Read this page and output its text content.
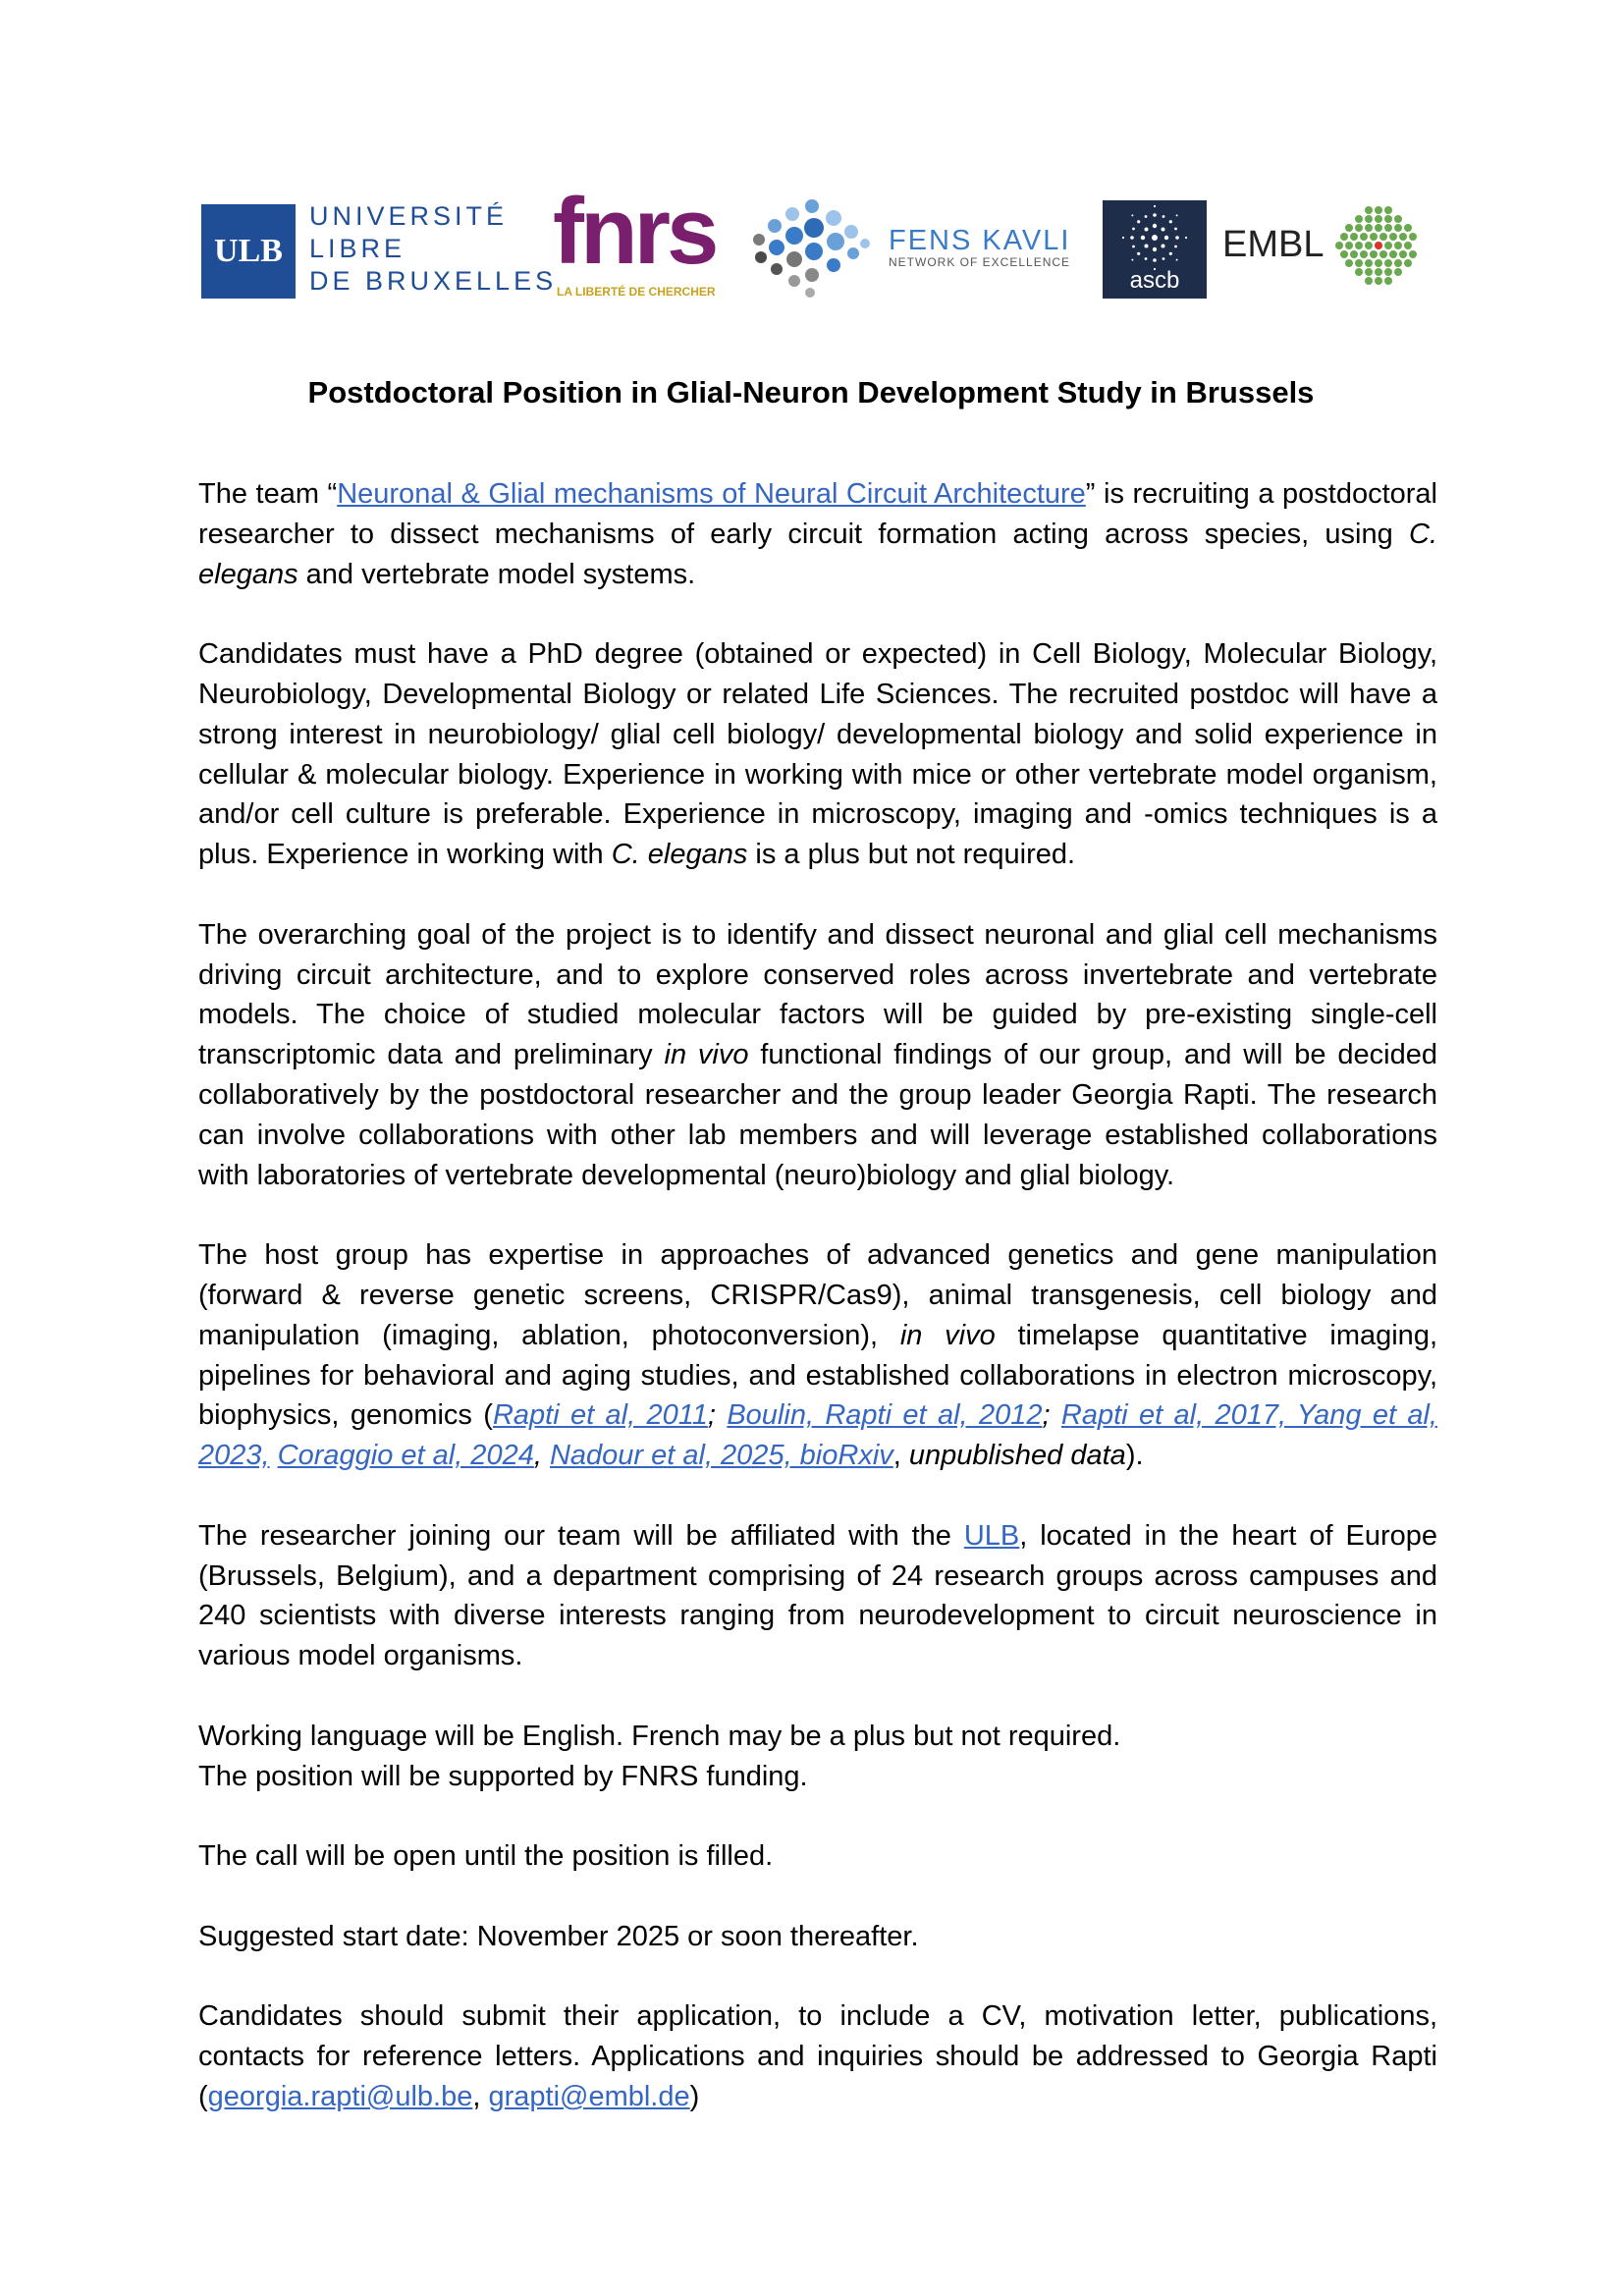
ULB
UNIVERSITÉ
LIBRE
DE BRUXELLES
fnrs
LA LIBERTÉ DE CHERCHER
FENS KAVLI
NETWORK OF EXCELLENCE
ascb
EMBL
Postdoctoral Position in Glial-Neuron Development Study in Brussels

The team “Neuronal & Glial mechanisms of Neural Circuit Architecture” is recruiting a postdoctoral researcher to dissect mechanisms of early circuit formation acting across species, using C. elegans and vertebrate model systems.

Candidates must have a PhD degree (obtained or expected) in Cell Biology, Molecular Biology, Neurobiology, Developmental Biology or related Life Sciences. The recruited postdoc will have a strong interest in neurobiology/ glial cell biology/ developmental biology and solid experience in cellular & molecular biology. Experience in working with mice or other vertebrate model organism, and/or cell culture is preferable. Experience in microscopy, imaging and -omics techniques is a plus. Experience in working with C. elegans is a plus but not required.

The overarching goal of the project is to identify and dissect neuronal and glial cell mechanisms driving circuit architecture, and to explore conserved roles across invertebrate and vertebrate models. The choice of studied molecular factors will be guided by pre-existing single-cell transcriptomic data and preliminary in vivo functional findings of our group, and will be decided collaboratively by the postdoctoral researcher and the group leader Georgia Rapti. The research can involve collaborations with other lab members and will leverage established collaborations with laboratories of vertebrate developmental (neuro)biology and glial biology.

The host group has expertise in approaches of advanced genetics and gene manipulation (forward & reverse genetic screens, CRISPR/Cas9), animal transgenesis, cell biology and manipulation (imaging, ablation, photoconversion), in vivo timelapse quantitative imaging, pipelines for behavioral and aging studies, and established collaborations in electron microscopy, biophysics, genomics (Rapti et al, 2011; Boulin, Rapti et al, 2012; Rapti et al, 2017, Yang et al, 2023, Coraggio et al, 2024, Nadour et al, 2025, bioRxiv, unpublished data).

The researcher joining our team will be affiliated with the ULB, located in the heart of Europe (Brussels, Belgium), and a department comprising of 24 research groups across campuses and 240 scientists with diverse interests ranging from neurodevelopment to circuit neuroscience in various model organisms.

Working language will be English. French may be a plus but not required.
The position will be supported by FNRS funding.

The call will be open until the position is filled.

Suggested start date: November 2025 or soon thereafter.

Candidates should submit their application, to include a CV, motivation letter, publications, contacts for reference letters. Applications and inquiries should be addressed to Georgia Rapti (georgia.rapti@ulb.be, grapti@embl.de)
